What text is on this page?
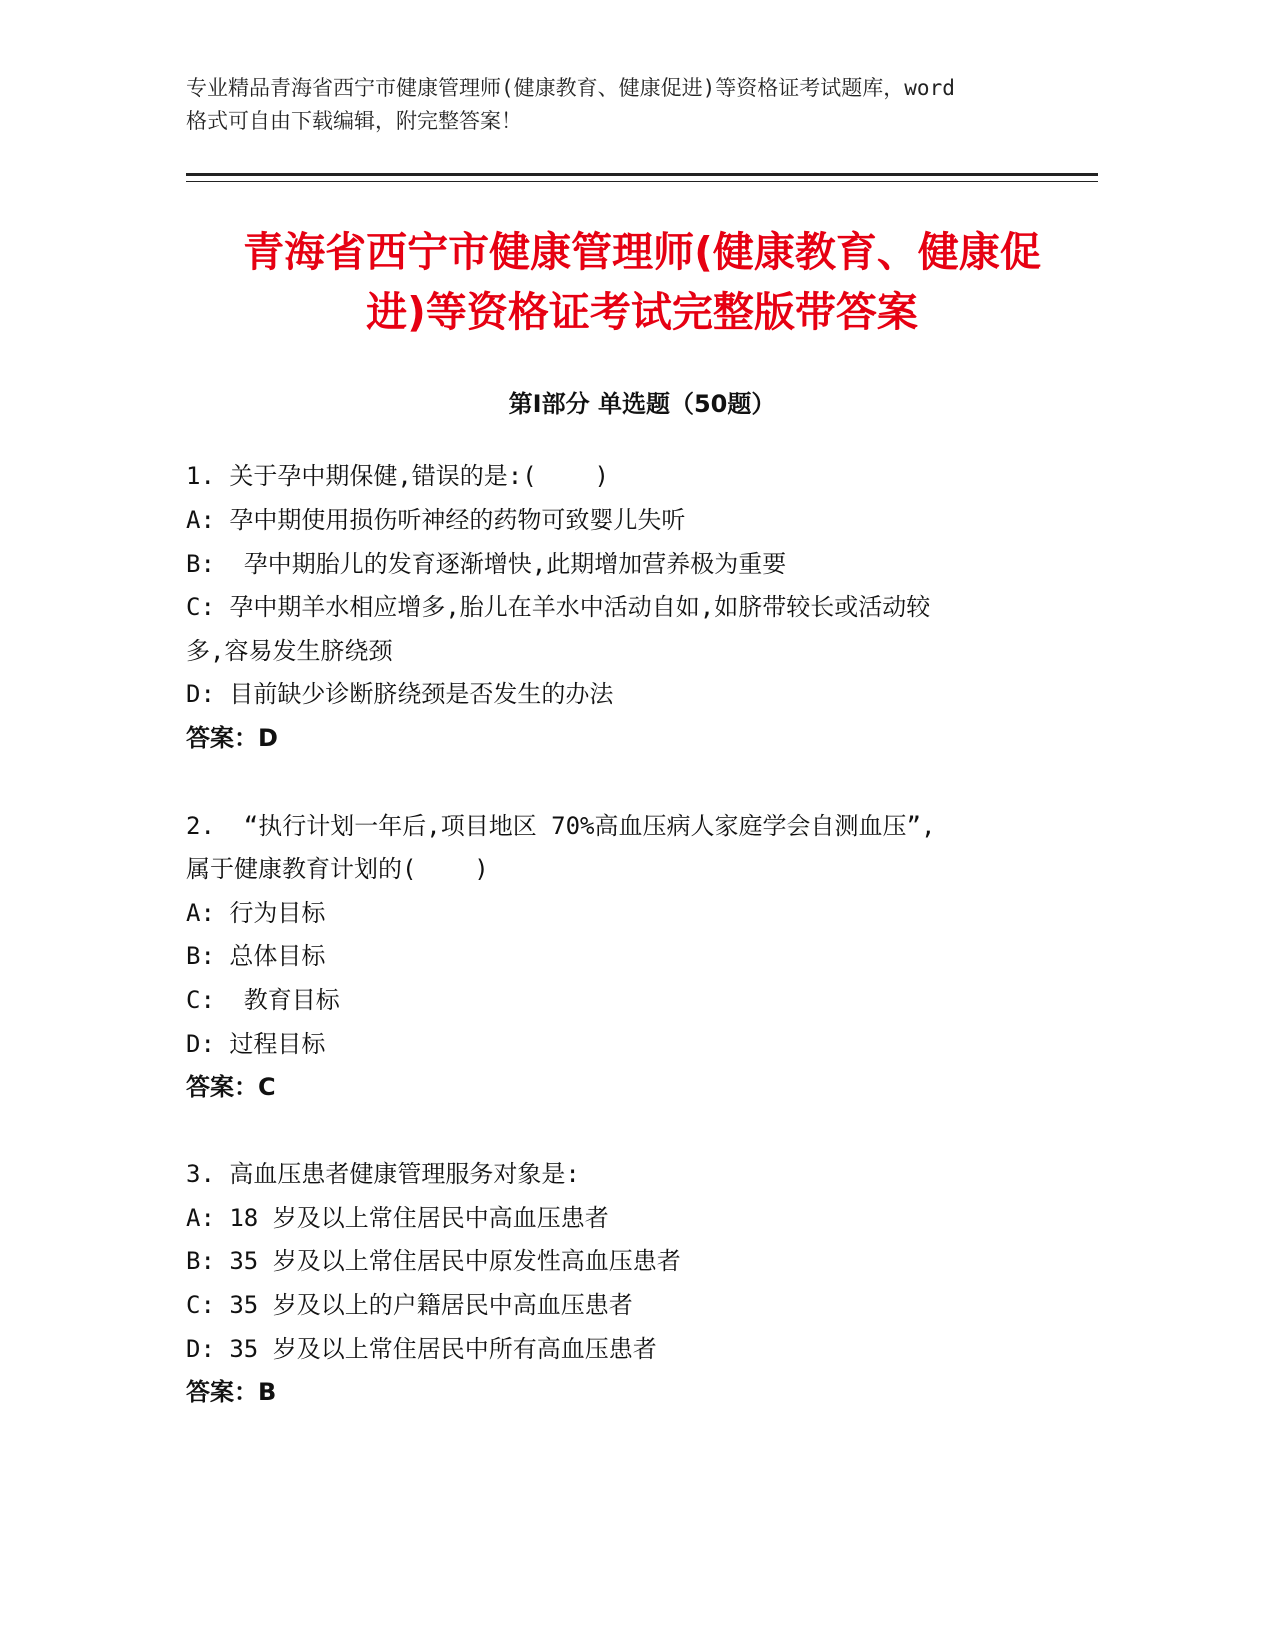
专业精品青海省西宁市健康管理师(健康教育、健康促进)等资格证考试题库，word
格式可自由下载编辑，附完整答案！
青海省西宁市健康管理师(健康教育、健康促
进)等资格证考试完整版带答案
第Ⅰ部分 单选题（50题）
1. 关于孕中期保健,错误的是:(    )
A: 孕中期使用损伤听神经的药物可致婴儿失听
B:  孕中期胎儿的发育逐渐增快,此期增加营养极为重要
C: 孕中期羊水相应增多,胎儿在羊水中活动自如,如脐带较长或活动较
多,容易发生脐绕颈
D: 目前缺少诊断脐绕颈是否发生的办法
答案：D
2.  “执行计划一年后,项目地区 70%高血压病人家庭学会自测血压”,
属于健康教育计划的(    )
A: 行为目标
B: 总体目标
C:  教育目标
D: 过程目标
答案：C
3. 高血压患者健康管理服务对象是:
A: 18 岁及以上常住居民中高血压患者
B: 35 岁及以上常住居民中原发性高血压患者
C: 35 岁及以上的户籍居民中高血压患者
D: 35 岁及以上常住居民中所有高血压患者
答案：B
